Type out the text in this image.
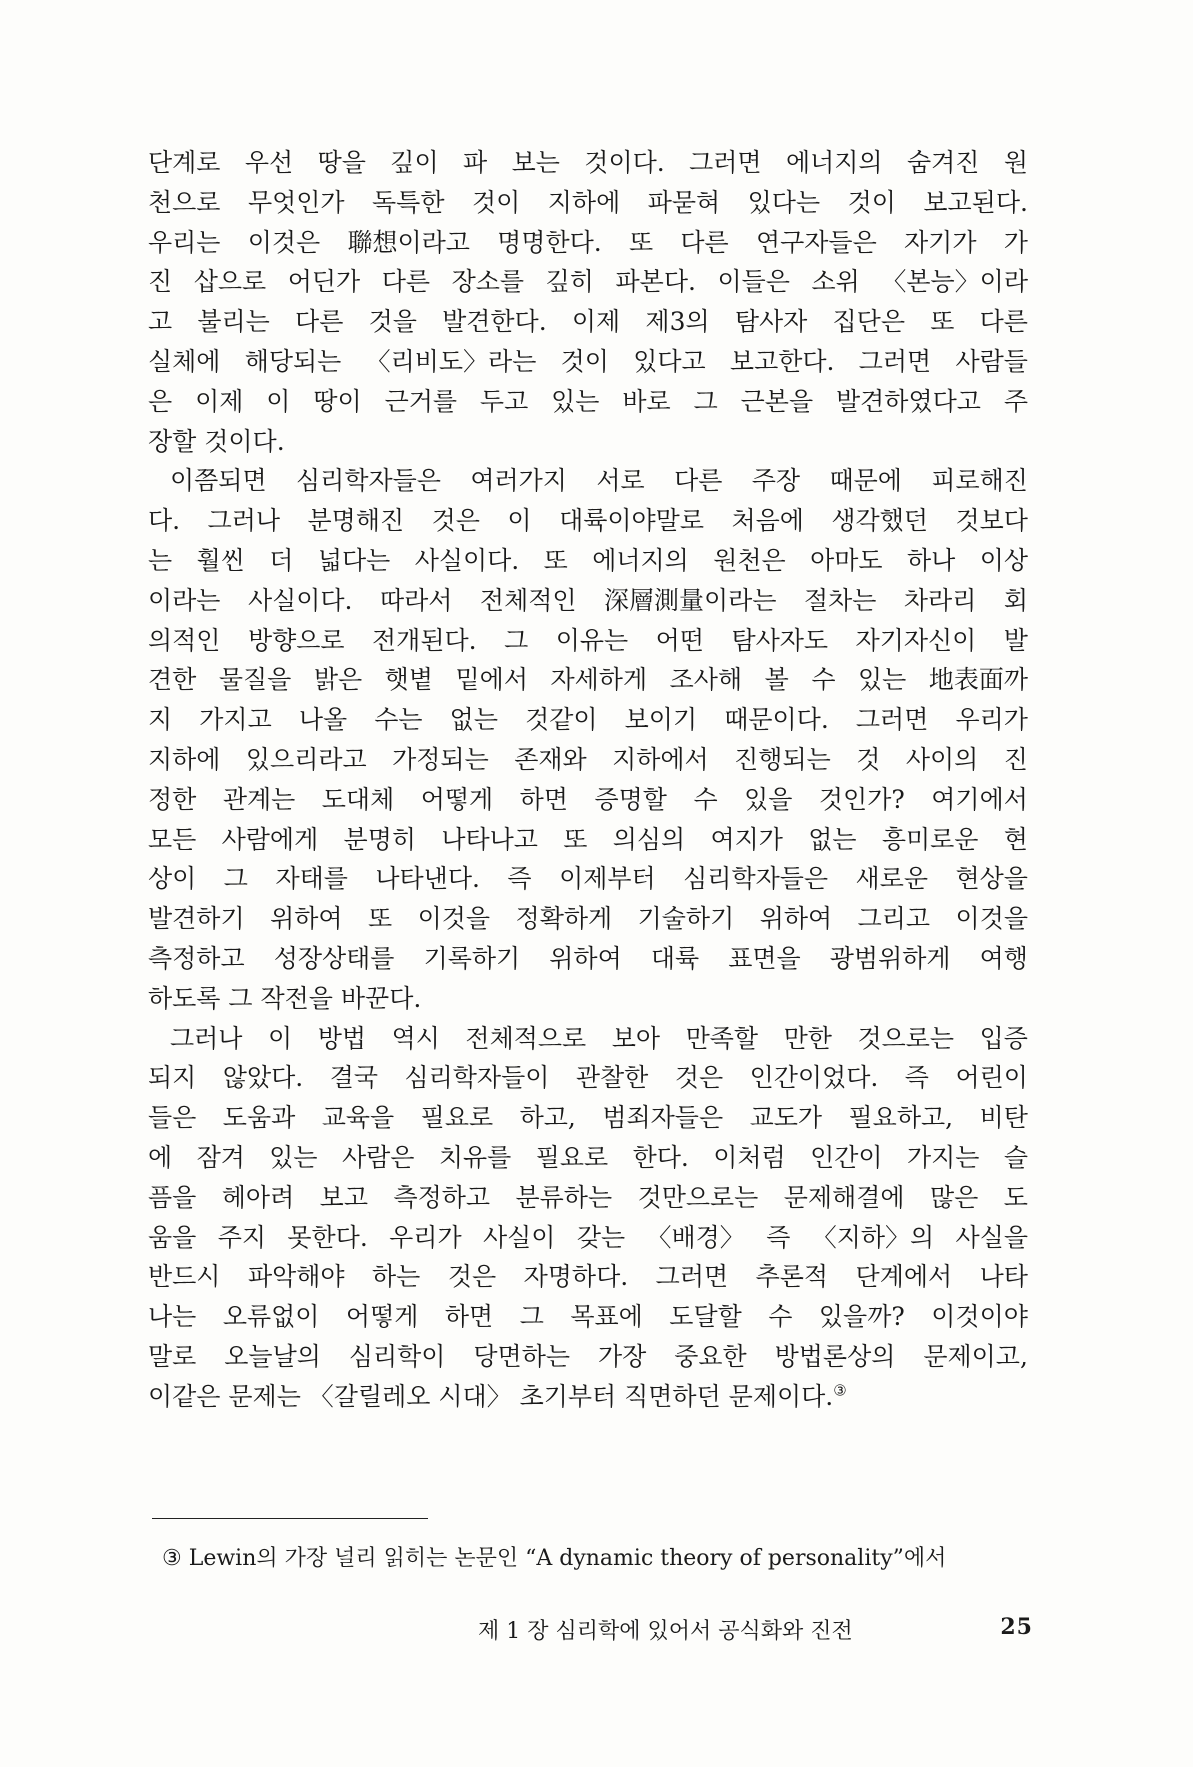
단계로 우선 땅을 깊이 파 보는 것이다. 그러면 에너지의 숨겨진 원
천으로 무엇인가 독특한 것이 지하에 파묻혀 있다는 것이 보고된다.
우리는 이것은 聯想이라고 명명한다. 또 다른 연구자들은 자기가 가
진 삽으로 어딘가 다른 장소를 깊히 파본다. 이들은 소위 〈본능〉이라
고 불리는 다른 것을 발견한다. 이제 제3의 탐사자 집단은 또 다른
실체에 해당되는 〈리비도〉라는 것이 있다고 보고한다. 그러면 사람들
은 이제 이 땅이 근거를 두고 있는 바로 그 근본을 발견하였다고 주
장할 것이다.
이쯤되면 심리학자들은 여러가지 서로 다른 주장 때문에 피로해진
다. 그러나 분명해진 것은 이 대륙이야말로 처음에 생각했던 것보다
는 훨씬 더 넓다는 사실이다. 또 에너지의 원천은 아마도 하나 이상
이라는 사실이다. 따라서 전체적인 深層測量이라는 절차는 차라리 회
의적인 방향으로 전개된다. 그 이유는 어떤 탐사자도 자기자신이 발
견한 물질을 밝은 햇볕 밑에서 자세하게 조사해 볼 수 있는 地表面까
지 가지고 나올 수는 없는 것같이 보이기 때문이다. 그러면 우리가
지하에 있으리라고 가정되는 존재와 지하에서 진행되는 것 사이의 진
정한 관계는 도대체 어떻게 하면 증명할 수 있을 것인가? 여기에서
모든 사람에게 분명히 나타나고 또 의심의 여지가 없는 흥미로운 현
상이 그 자태를 나타낸다. 즉 이제부터 심리학자들은 새로운 현상을
발견하기 위하여 또 이것을 정확하게 기술하기 위하여 그리고 이것을
측정하고 성장상태를 기록하기 위하여 대륙 표면을 광범위하게 여행
하도록 그 작전을 바꾼다.
그러나 이 방법 역시 전체적으로 보아 만족할 만한 것으로는 입증
되지 않았다. 결국 심리학자들이 관찰한 것은 인간이었다. 즉 어린이
들은 도움과 교육을 필요로 하고, 범죄자들은 교도가 필요하고, 비탄
에 잠겨 있는 사람은 치유를 필요로 한다. 이처럼 인간이 가지는 슬
픔을 헤아려 보고 측정하고 분류하는 것만으로는 문제해결에 많은 도
움을 주지 못한다. 우리가 사실이 갖는 〈배경〉 즉 〈지하〉의 사실을
반드시 파악해야 하는 것은 자명하다. 그러면 추론적 단계에서 나타
나는 오류없이 어떻게 하면 그 목표에 도달할 수 있을까? 이것이야
말로 오늘날의 심리학이 당면하는 가장 중요한 방법론상의 문제이고,
이같은 문제는 〈갈릴레오 시대〉 초기부터 직면하던 문제이다.③
③ Lewin의 가장 널리 읽히는 논문인 “A dynamic theory of personality”에서
제 1 장 심리학에 있어서 공식화와 진전	25
